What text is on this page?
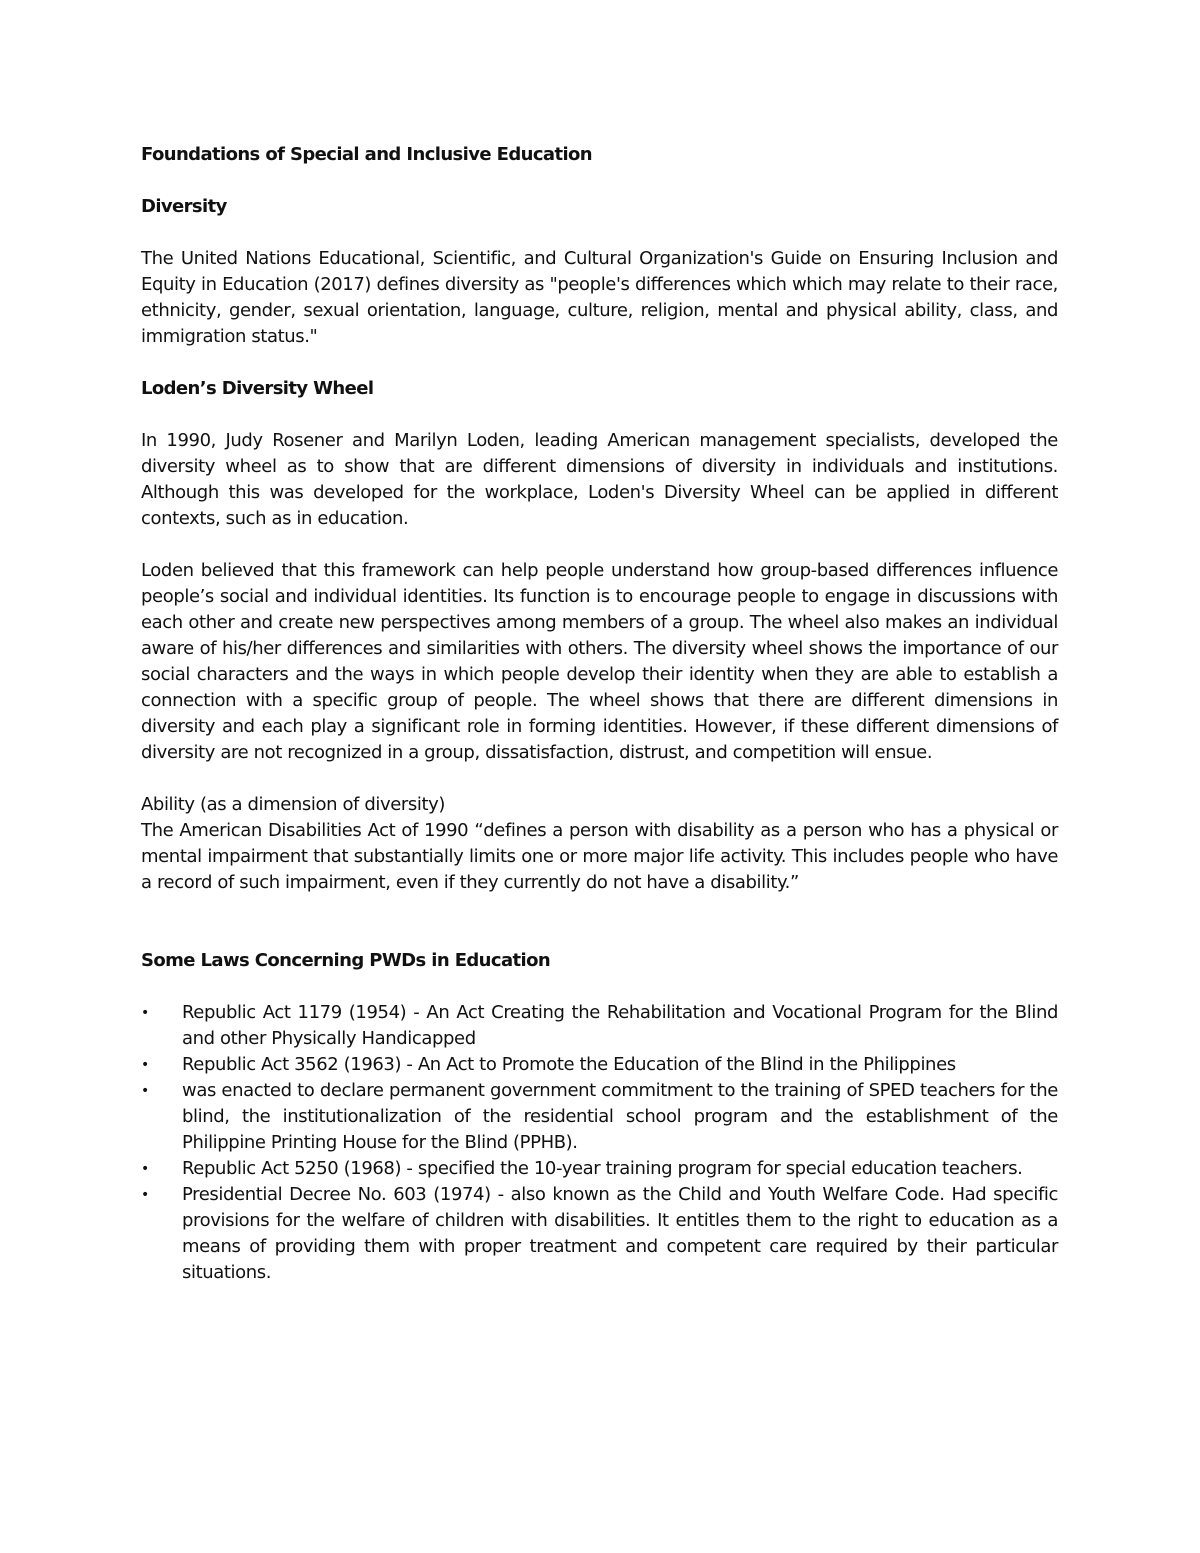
Foundations of Special and Inclusive Education
Diversity

The United Nations Educational, Scientific, and Cultural Organization's Guide on Ensuring Inclusion and Equity in Education (2017) defines diversity as "people's differences which which may relate to their race, ethnicity, gender, sexual orientation, language, culture, religion, mental and physical ability, class, and immigration status."

Loden’s Diversity Wheel

In 1990, Judy Rosener and Marilyn Loden, leading American management specialists, developed the diversity wheel as to show that are different dimensions of diversity in individuals and institutions. Although this was developed for the workplace, Loden's Diversity Wheel can be applied in different contexts, such as in education.

Loden believed that this framework can help people understand how group-based differences influence people’s social and individual identities. Its function is to encourage people to engage in discussions with each other and create new perspectives among members of a group. The wheel also makes an individual aware of his/her differences and similarities with others. The diversity wheel shows the importance of our social characters and the ways in which people develop their identity when they are able to establish a connection with a specific group of people. The wheel shows that there are different dimensions in diversity and each play a significant role in forming identities. However, if these different dimensions of diversity are not recognized in a group, dissatisfaction, distrust, and competition will ensue.

Ability (as a dimension of diversity)

The American Disabilities Act of 1990 “defines a person with disability as a person who has a physical or mental impairment that substantially limits one or more major life activity. This includes people who have a record of such impairment, even if they currently do not have a disability.”

Some Laws Concerning PWDs in Education
•	Republic Act 1179 (1954) - An Act Creating the Rehabilitation and Vocational Program for the Blind and other Physically Handicapped
•	Republic Act 3562 (1963) - An Act to Promote the Education of the Blind in the Philippines
•	was enacted to declare permanent government commitment to the training of SPED teachers for the blind, the institutionalization of the residential school program and the establishment of the Philippine Printing House for the Blind (PPHB).
•	Republic Act 5250 (1968) - specified the 10-year training program for special education teachers.
•	Presidential Decree No. 603 (1974) - also known as the Child and Youth Welfare Code. Had specific provisions for the welfare of children with disabilities. It entitles them to the right to education as a means of providing them with proper treatment and competent care required by their particular situations.
